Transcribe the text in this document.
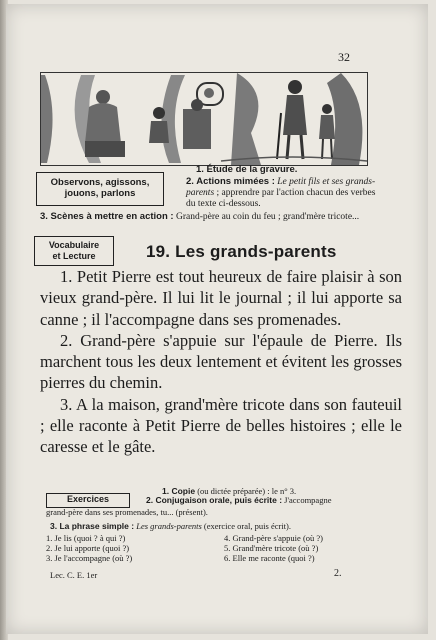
32
Observons, agissons,
jouons, parlons
1. Étude de la gravure.
2. Actions mimées : Le petit fils et ses grands-parents ; apprendre par l'action chacun des verbes du texte ci-dessous.
3. Scènes à mettre en action : Grand-père au coin du feu ; grand'mère tricote...
Vocabulaire
et Lecture	19. Les grands-parents

1. Petit Pierre est tout heureux de faire plaisir à son vieux grand-père. Il lui lit le journal ; il lui apporte sa canne ; il l'accompagne dans ses promenades.

2. Grand-père s'appuie sur l'épaule de Pierre. Ils marchent tous les deux lentement et évitent les grosses pierres du chemin.

3. A la maison, grand'mère tricote dans son fauteuil ; elle raconte à Petit Pierre de belles histoires ; elle le caresse et le gâte.

Exercices
1. Copie (ou dictée préparée) : le n° 3.
2. Conjugaison orale, puis écrite : J'accompagne
grand-père dans ses promenades, tu... (présent).
3. La phrase simple : Les grands-parents (exercice oral, puis écrit).
1. Je lis (quoi ? à qui ?)
2. Je lui apporte (quoi ?)
3. Je l'accompagne (où ?)
4. Grand-père s'appuie (où ?)
5. Grand'mère tricote (où ?)
6. Elle me raconte (quoi ?)
Lec. C. E. 1er	2.
